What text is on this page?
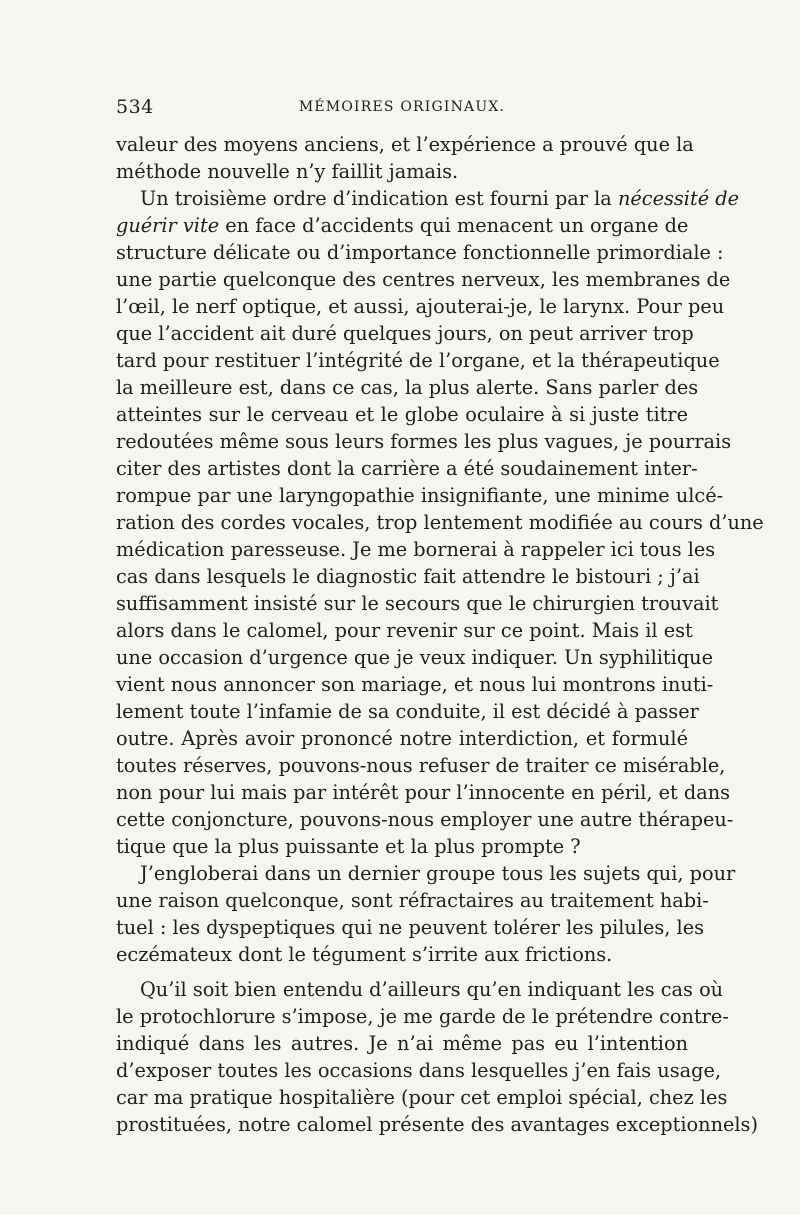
534	MÉMOIRES ORIGINAUX.
valeur des moyens anciens, et l’expérience a prouvé que la
méthode nouvelle n’y faillit jamais.
Un troisième ordre d’indication est fourni par la nécessité de
guérir vite en face d’accidents qui menacent un organe de
structure délicate ou d’importance fonctionnelle primordiale :
une partie quelconque des centres nerveux, les membranes de
l’œil, le nerf optique, et aussi, ajouterai-je, le larynx. Pour peu
que l’accident ait duré quelques jours, on peut arriver trop
tard pour restituer l’intégrité de l’organe, et la thérapeutique
la meilleure est, dans ce cas, la plus alerte. Sans parler des
atteintes sur le cerveau et le globe oculaire à si juste titre
redoutées même sous leurs formes les plus vagues, je pourrais
citer des artistes dont la carrière a été soudainement inter-
rompue par une laryngopathie insignifiante, une minime ulcé-
ration des cordes vocales, trop lentement modifiée au cours d’une
médication paresseuse. Je me bornerai à rappeler ici tous les
cas dans lesquels le diagnostic fait attendre le bistouri ; j’ai
suffisamment insisté sur le secours que le chirurgien trouvait
alors dans le calomel, pour revenir sur ce point. Mais il est
une occasion d’urgence que je veux indiquer. Un syphilitique
vient nous annoncer son mariage, et nous lui montrons inuti-
lement toute l’infamie de sa conduite, il est décidé à passer
outre. Après avoir prononcé notre interdiction, et formulé
toutes réserves, pouvons-nous refuser de traiter ce misérable,
non pour lui mais par intérêt pour l’innocente en péril, et dans
cette conjoncture, pouvons-nous employer une autre thérapeu-
tique que la plus puissante et la plus prompte ?
J’engloberai dans un dernier groupe tous les sujets qui, pour
une raison quelconque, sont réfractaires au traitement habi-
tuel : les dyspeptiques qui ne peuvent tolérer les pilules, les
eczémateux dont le tégument s’irrite aux frictions.
Qu’il soit bien entendu d’ailleurs qu’en indiquant les cas où
le protochlorure s’impose, je me garde de le prétendre contre-
indiqué dans les autres. Je n’ai même pas eu l’intention
d’exposer toutes les occasions dans lesquelles j’en fais usage,
car ma pratique hospitalière (pour cet emploi spécial, chez les
prostituées, notre calomel présente des avantages exceptionnels)
